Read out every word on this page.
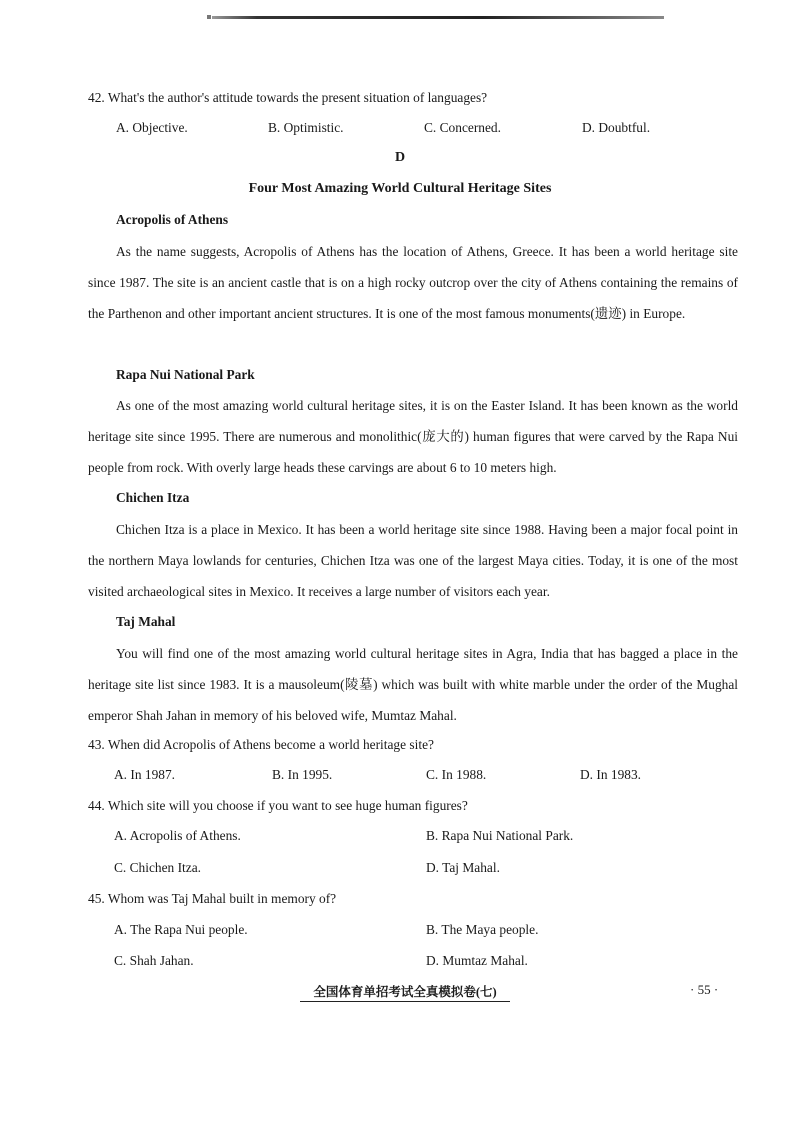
42. What's the author's attitude towards the present situation of languages?
A. Objective.	B. Optimistic.	C. Concerned.	D. Doubtful.
D
Four Most Amazing World Cultural Heritage Sites
Acropolis of Athens

As the name suggests, Acropolis of Athens has the location of Athens, Greece. It has been a world heritage site since 1987. The site is an ancient castle that is on a high rocky outcrop over the city of Athens containing the remains of the Parthenon and other important ancient structures. It is one of the most famous monuments(遗迹) in Europe.

Rapa Nui National Park

As one of the most amazing world cultural heritage sites, it is on the Easter Island. It has been known as the world heritage site since 1995. There are numerous and monolithic(庞大的) human figures that were carved by the Rapa Nui people from rock. With overly large heads these carvings are about 6 to 10 meters high.

Chichen Itza

Chichen Itza is a place in Mexico. It has been a world heritage site since 1988. Having been a major focal point in the northern Maya lowlands for centuries, Chichen Itza was one of the largest Maya cities. Today, it is one of the most visited archaeological sites in Mexico. It receives a large number of visitors each year.

Taj Mahal

You will find one of the most amazing world cultural heritage sites in Agra, India that has bagged a place in the heritage site list since 1983. It is a mausoleum(陵墓) which was built with white marble under the order of the Mughal emperor Shah Jahan in memory of his beloved wife, Mumtaz Mahal.

43. When did Acropolis of Athens become a world heritage site?
A. In 1987.	B. In 1995.	C. In 1988.	D. In 1983.
44. Which site will you choose if you want to see huge human figures?
A. Acropolis of Athens.	B. Rapa Nui National Park.
C. Chichen Itza.	D. Taj Mahal.
45. Whom was Taj Mahal built in memory of?
A. The Rapa Nui people.	B. The Maya people.
C. Shah Jahan.	D. Mumtaz Mahal.
全国体育单招考试全真模拟卷(七)	· 55 ·
